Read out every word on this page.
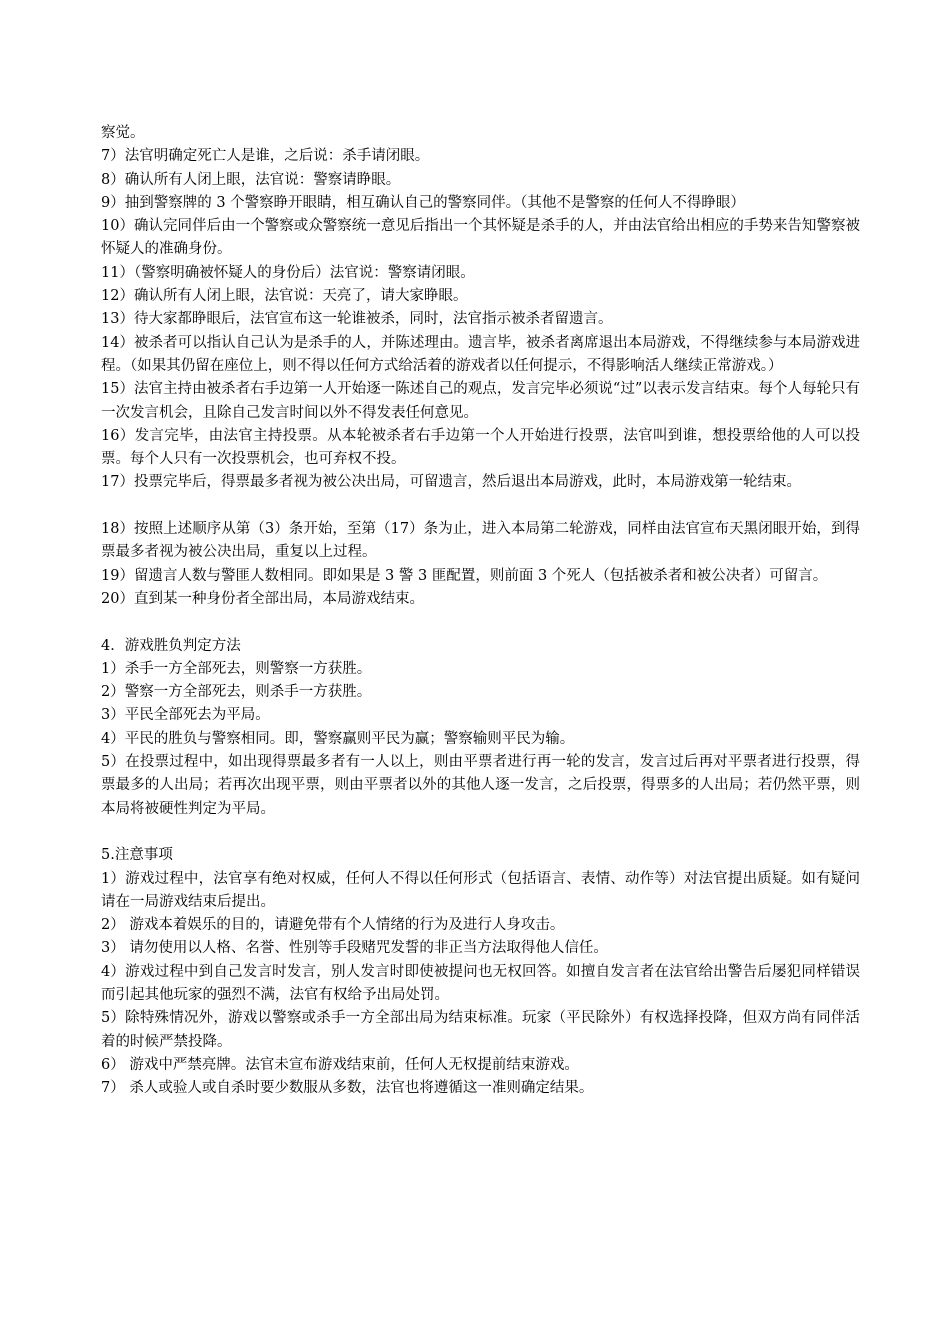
察觉。

7）法官明确定死亡人是谁，之后说：杀手请闭眼。

8）确认所有人闭上眼，法官说：警察请睁眼。

9）抽到警察牌的 3 个警察睁开眼睛，相互确认自己的警察同伴。（其他不是警察的任何人不得睁眼）

10）确认完同伴后由一个警察或众警察统一意见后指出一个其怀疑是杀手的人，并由法官给出相应的手势来告知警察被怀疑人的准确身份。

11）（警察明确被怀疑人的身份后）法官说：警察请闭眼。

12）确认所有人闭上眼，法官说：天亮了，请大家睁眼。

13）待大家都睁眼后，法官宣布这一轮谁被杀，同时，法官指示被杀者留遗言。

14）被杀者可以指认自己认为是杀手的人，并陈述理由。遗言毕，被杀者离席退出本局游戏，不得继续参与本局游戏进程。（如果其仍留在座位上，则不得以任何方式给活着的游戏者以任何提示，不得影响活人继续正常游戏。）

15）法官主持由被杀者右手边第一人开始逐一陈述自己的观点，发言完毕必须说“过”以表示发言结束。每个人每轮只有一次发言机会，且除自己发言时间以外不得发表任何意见。

16）发言完毕，由法官主持投票。从本轮被杀者右手边第一个人开始进行投票，法官叫到谁，想投票给他的人可以投票。每个人只有一次投票机会，也可弃权不投。

17）投票完毕后，得票最多者视为被公决出局，可留遗言，然后退出本局游戏，此时，本局游戏第一轮结束。

18）按照上述顺序从第（3）条开始，至第（17）条为止，进入本局第二轮游戏，同样由法官宣布天黑闭眼开始，到得票最多者视为被公决出局，重复以上过程。

19）留遗言人数与警匪人数相同。即如果是 3 警 3 匪配置，则前面 3 个死人（包括被杀者和被公决者）可留言。

20）直到某一种身份者全部出局，本局游戏结束。

4．游戏胜负判定方法

1）杀手一方全部死去，则警察一方获胜。

2）警察一方全部死去，则杀手一方获胜。

3）平民全部死去为平局。

4）平民的胜负与警察相同。即，警察赢则平民为赢；警察输则平民为输。

5）在投票过程中，如出现得票最多者有一人以上，则由平票者进行再一轮的发言，发言过后再对平票者进行投票，得票最多的人出局；若再次出现平票，则由平票者以外的其他人逐一发言，之后投票，得票多的人出局；若仍然平票，则本局将被硬性判定为平局。

5.注意事项

1）游戏过程中，法官享有绝对权威，任何人不得以任何形式（包括语言、表情、动作等）对法官提出质疑。如有疑问请在一局游戏结束后提出。

2） 游戏本着娱乐的目的，请避免带有个人情绪的行为及进行人身攻击。

3） 请勿使用以人格、名誉、性别等手段赌咒发誓的非正当方法取得他人信任。

4）游戏过程中到自己发言时发言，别人发言时即使被提问也无权回答。如擅自发言者在法官给出警告后屡犯同样错误而引起其他玩家的强烈不满，法官有权给予出局处罚。

5）除特殊情况外，游戏以警察或杀手一方全部出局为结束标准。玩家（平民除外）有权选择投降，但双方尚有同伴活着的时候严禁投降。

6） 游戏中严禁亮牌。法官未宣布游戏结束前，任何人无权提前结束游戏。

7） 杀人或验人或自杀时要少数服从多数，法官也将遵循这一准则确定结果。
